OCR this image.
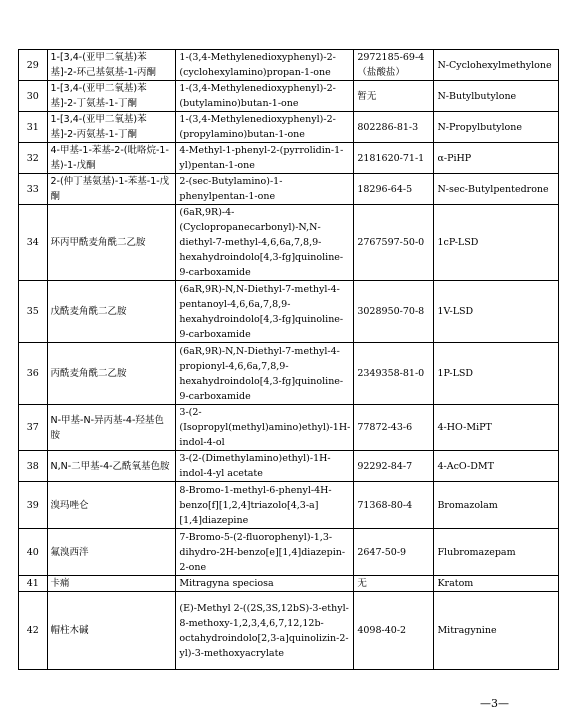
29	1-[3,4-(亚甲二氧基)苯基]-2-环己基氨基-1-丙酮	1-(3,4-Methylenedioxyphenyl)-2-(cyclohexylamino)propan-1-one	2972185-69-4（盐酸盐）	N-Cyclohexylmethylone
30	1-[3,4-(亚甲二氧基)苯基]-2-丁氨基-1-丁酮	1-(3,4-Methylenedioxyphenyl)-2-(butylamino)butan-1-one	暂无	N-Butylbutylone
31	1-[3,4-(亚甲二氧基)苯基]-2-丙氨基-1-丁酮	1-(3,4-Methylenedioxyphenyl)-2-(propylamino)butan-1-one	802286-81-3	N-Propylbutylone
32	4-甲基-1-苯基-2-(吡咯烷-1-基)-1-戊酮	4-Methyl-1-phenyl-2-(pyrrolidin-1-yl)pentan-1-one	2181620-71-1	α-PiHP
33	2-(仲丁基氨基)-1-苯基-1-戊酮	2-(sec-Butylamino)-1-phenylpentan-1-one	18296-64-5	N-sec-Butylpentedrone
34	环丙甲酰麦角酰二乙胺	(6aR,9R)-4-(Cyclopropanecarbonyl)-N,N-diethyl-7-methyl-4,6,6a,7,8,9-hexahydroindolo[4,3-fg]quinoline-9-carboxamide	2767597-50-0	1cP-LSD
35	戊酰麦角酰二乙胺	(6aR,9R)-N,N-Diethyl-7-methyl-4-pentanoyl-4,6,6a,7,8,9-hexahydroindolo[4,3-fg]quinoline-9-carboxamide	3028950-70-8	1V-LSD
36	丙酰麦角酰二乙胺	(6aR,9R)-N,N-Diethyl-7-methyl-4-propionyl-4,6,6a,7,8,9-hexahydroindolo[4,3-fg]quinoline-9-carboxamide	2349358-81-0	1P-LSD
37	N-甲基-N-异丙基-4-羟基色胺	3-(2-(Isopropyl(methyl)amino)ethyl)-1H-indol-4-ol	77872-43-6	4-HO-MiPT
38	N,N-二甲基-4-乙酰氧基色胺	3-(2-(Dimethylamino)ethyl)-1H-indol-4-yl acetate	92292-84-7	4-AcO-DMT
39	溴玛唑仑	8-Bromo-1-methyl-6-phenyl-4H-benzo[f][1,2,4]triazolo[4,3-a][1,4]diazepine	71368-80-4	Bromazolam
40	氟溴西泮	7-Bromo-5-(2-fluorophenyl)-1,3-dihydro-2H-benzo[e][1,4]diazepin-2-one	2647-50-9	Flubromazepam
41	卡痛	Mitragyna speciosa	无	Kratom
42	帽柱木碱	(E)-Methyl 2-((2S,3S,12bS)-3-ethyl-8-methoxy-1,2,3,4,6,7,12,12b-octahydroindolo[2,3-a]quinolizin-2-yl)-3-methoxyacrylate	4098-40-2	Mitragynine
—3—
